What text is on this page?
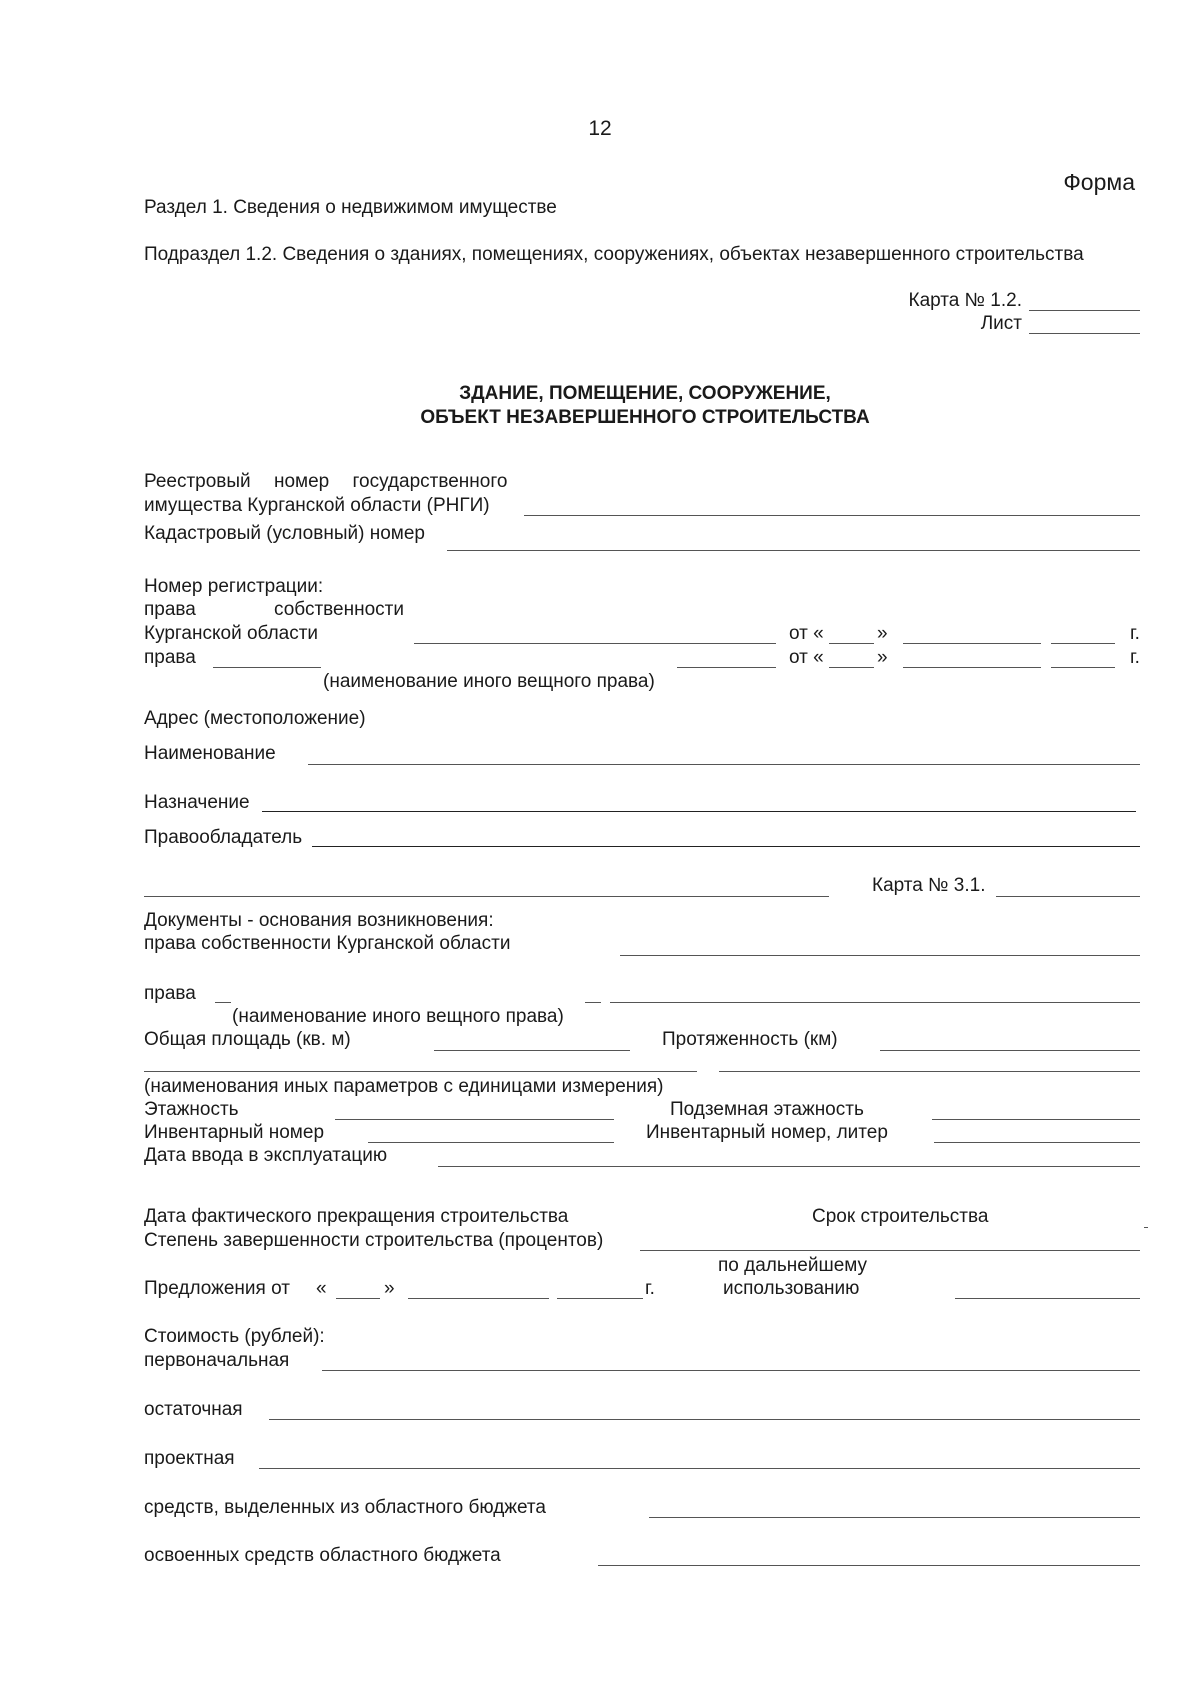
12
Форма
Раздел 1. Сведения о недвижимом имуществе
Подраздел 1.2. Сведения о зданиях, помещениях, сооружениях, объектах незавершенного строительства
Карта № 1.2.
Лист
ЗДАНИЕ, ПОМЕЩЕНИЕ, СООРУЖЕНИЕ,
ОБЪЕКТ НЕЗАВЕРШЕННОГО СТРОИТЕЛЬСТВА
Реестровый номер государственного
имущества Курганской области (РНГИ)
Кадастровый (условный) номер
Номер регистрации:
права	собственности
Курганской области	от «	»	г.
права	от «	»	г.
(наименование иного вещного права)
Адрес (местоположение)
Наименование
Назначение
Правообладатель
Карта № 3.1.
Документы - основания возникновения:
права собственности Курганской области
права
(наименование иного вещного права)
Общая площадь (кв. м)	Протяженность (км)
(наименования иных параметров с единицами измерения)
Этажность	Подземная этажность
Инвентарный номер	Инвентарный номер, литер
Дата ввода в эксплуатацию
Дата фактического прекращения строительства	Срок строительства
Степень завершенности строительства (процентов)
по дальнейшему
Предложения от «	»	г.	использованию
Стоимость (рублей):
первоначальная
остаточная
проектная
средств, выделенных из областного бюджета
освоенных средств областного бюджета
